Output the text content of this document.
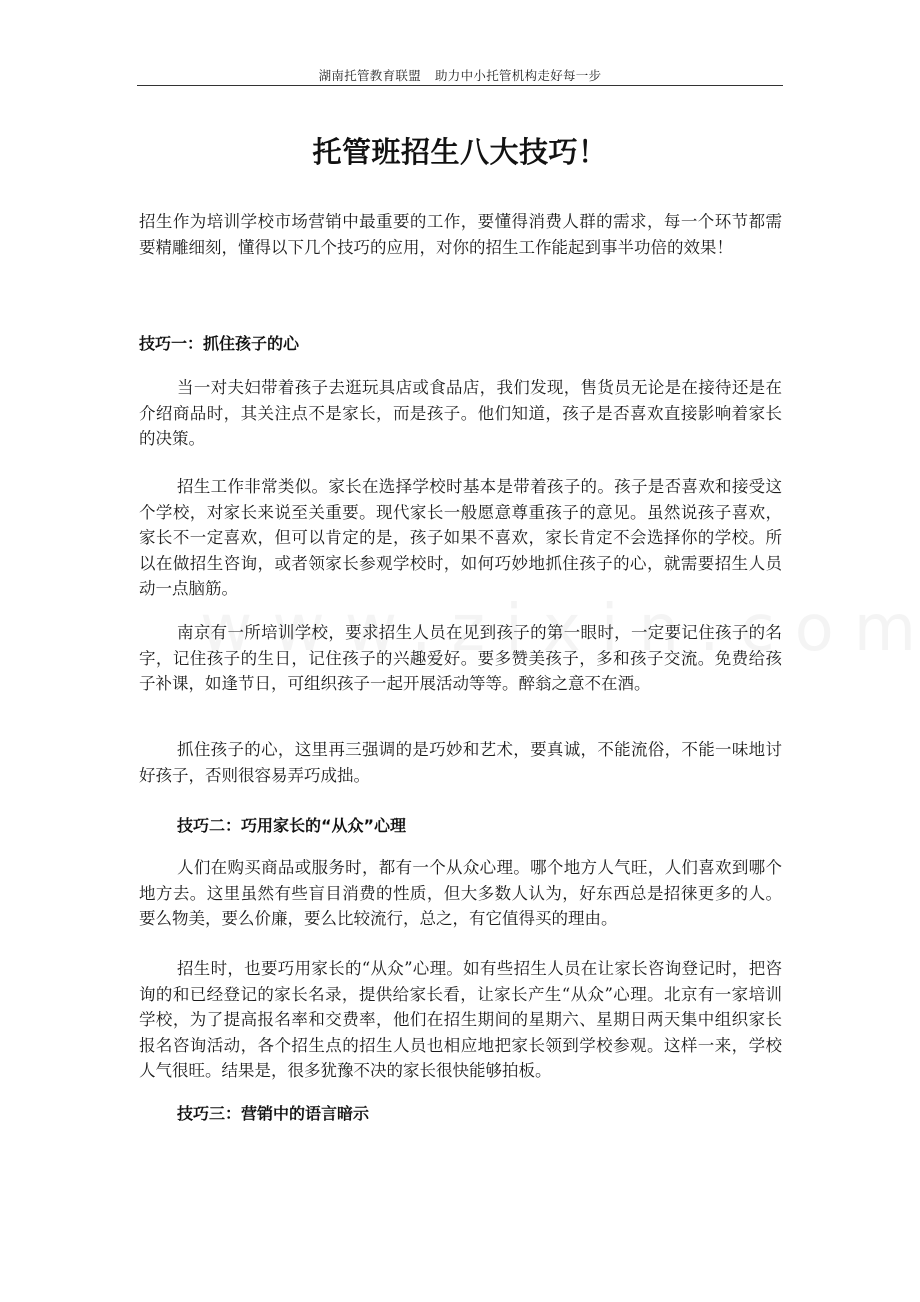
湖南托管教育联盟 助力中小托管机构走好每一步
托管班招生八大技巧！

招生作为培训学校市场营销中最重要的工作，要懂得消费人群的需求，每一个环节都需要精雕细刻，懂得以下几个技巧的应用，对你的招生工作能起到事半功倍的效果！

技巧一：抓住孩子的心

当一对夫妇带着孩子去逛玩具店或食品店，我们发现，售货员无论是在接待还是在介绍商品时，其关注点不是家长，而是孩子。他们知道，孩子是否喜欢直接影响着家长的决策。

招生工作非常类似。家长在选择学校时基本是带着孩子的。孩子是否喜欢和接受这个学校，对家长来说至关重要。现代家长一般愿意尊重孩子的意见。虽然说孩子喜欢，家长不一定喜欢，但可以肯定的是，孩子如果不喜欢，家长肯定不会选择你的学校。所以在做招生咨询，或者领家长参观学校时，如何巧妙地抓住孩子的心，就需要招生人员动一点脑筋。

南京有一所培训学校，要求招生人员在见到孩子的第一眼时，一定要记住孩子的名字，记住孩子的生日，记住孩子的兴趣爱好。要多赞美孩子，多和孩子交流。免费给孩子补课，如逢节日，可组织孩子一起开展活动等等。醉翁之意不在酒。

抓住孩子的心，这里再三强调的是巧妙和艺术，要真诚，不能流俗，不能一味地讨好孩子，否则很容易弄巧成拙。

技巧二：巧用家长的“从众”心理

人们在购买商品或服务时，都有一个从众心理。哪个地方人气旺，人们喜欢到哪个地方去。这里虽然有些盲目消费的性质，但大多数人认为，好东西总是招徕更多的人。要么物美，要么价廉，要么比较流行，总之，有它值得买的理由。

招生时，也要巧用家长的“从众”心理。如有些招生人员在让家长咨询登记时，把咨询的和已经登记的家长名录，提供给家长看，让家长产生“从众”心理。北京有一家培训学校，为了提高报名率和交费率，他们在招生期间的星期六、星期日两天集中组织家长报名咨询活动，各个招生点的招生人员也相应地把家长领到学校参观。这样一来，学校人气很旺。结果是，很多犹豫不决的家长很快能够拍板。

技巧三：营销中的语言暗示
